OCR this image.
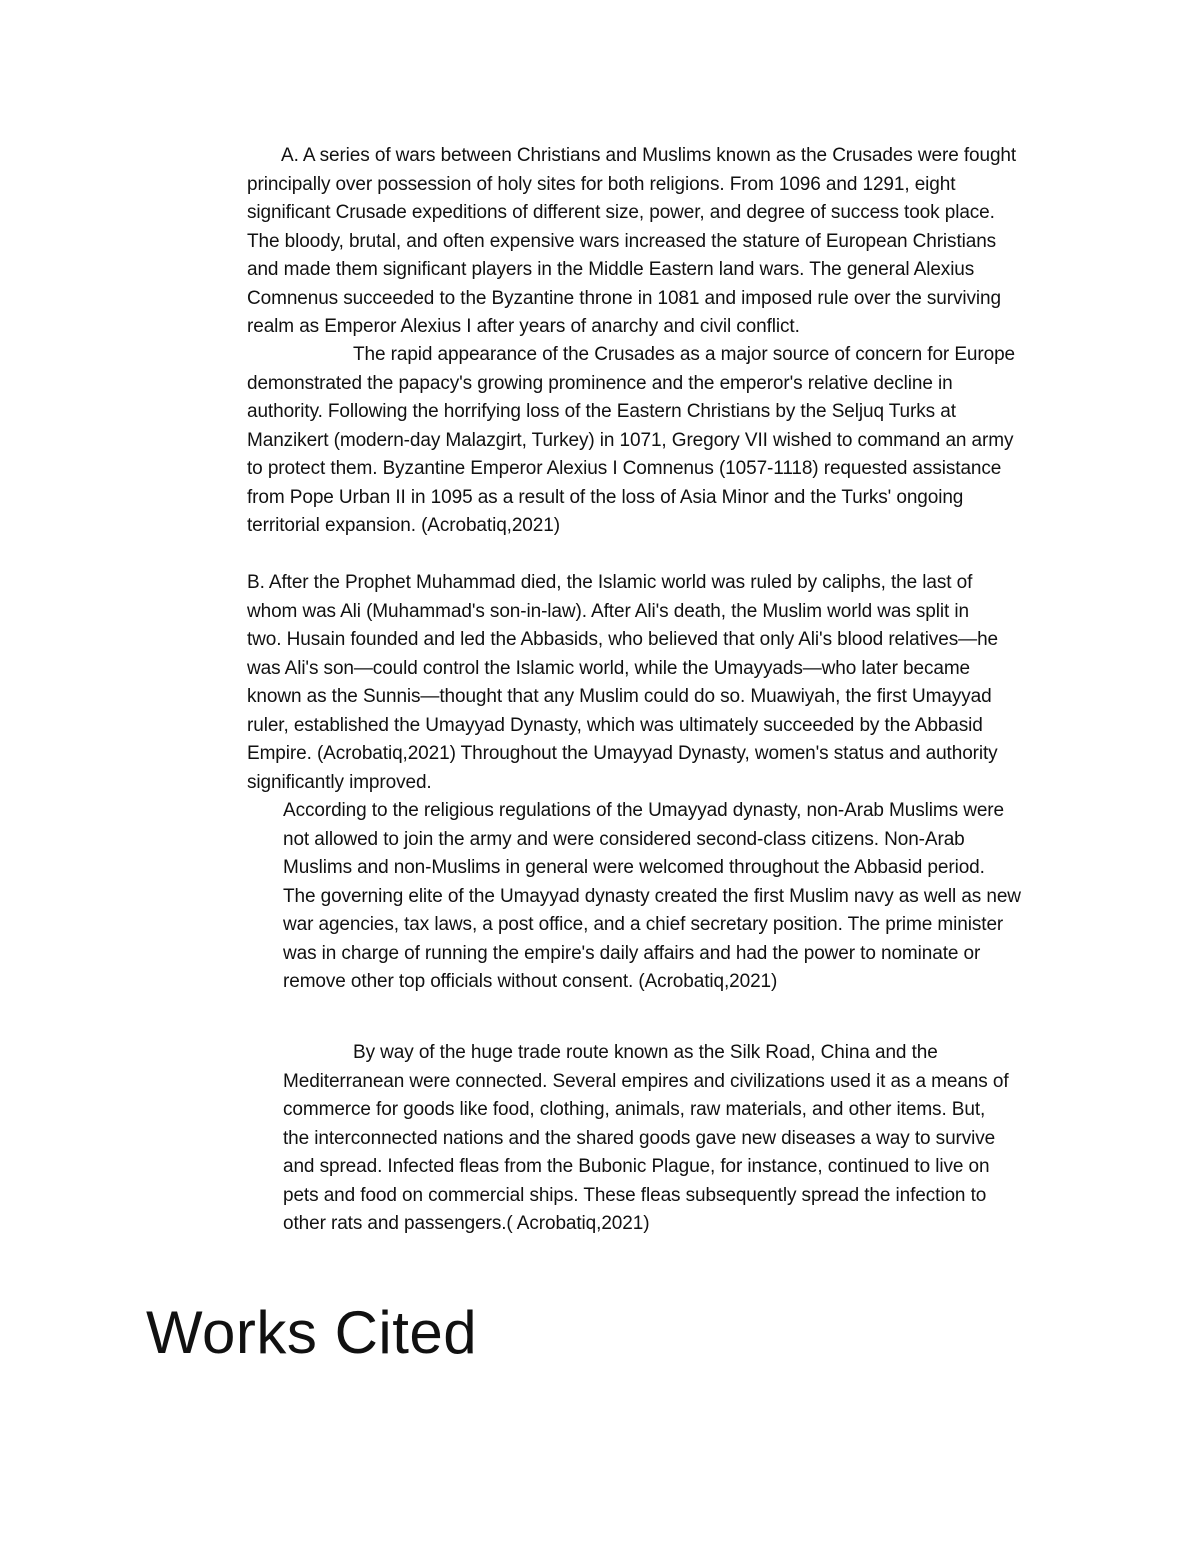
A. A series of wars between Christians and Muslims known as the Crusades were fought
principally over possession of holy sites for both religions. From 1096 and 1291, eight
significant Crusade expeditions of different size, power, and degree of success took place.
The bloody, brutal, and often expensive wars increased the stature of European Christians
and made them significant players in the Middle Eastern land wars. The general Alexius
Comnenus succeeded to the Byzantine throne in 1081 and imposed rule over the surviving
realm as Emperor Alexius I after years of anarchy and civil conflict.
The rapid appearance of the Crusades as a major source of concern for Europe
demonstrated the papacy's growing prominence and the emperor's relative decline in
authority. Following the horrifying loss of the Eastern Christians by the Seljuq Turks at
Manzikert (modern-day Malazgirt, Turkey) in 1071, Gregory VII wished to command an army
to protect them. Byzantine Emperor Alexius I Comnenus (1057-1118) requested assistance
from Pope Urban II in 1095 as a result of the loss of Asia Minor and the Turks' ongoing
territorial expansion. (Acrobatiq,2021)
B. After the Prophet Muhammad died, the Islamic world was ruled by caliphs, the last of
whom was Ali (Muhammad's son-in-law). After Ali's death, the Muslim world was split in
two. Husain founded and led the Abbasids, who believed that only Ali's blood relatives—he
was Ali's son—could control the Islamic world, while the Umayyads—who later became
known as the Sunnis—thought that any Muslim could do so. Muawiyah, the first Umayyad
ruler, established the Umayyad Dynasty, which was ultimately succeeded by the Abbasid
Empire. (Acrobatiq,2021) Throughout the Umayyad Dynasty, women's status and authority
significantly improved.
According to the religious regulations of the Umayyad dynasty, non-Arab Muslims were
not allowed to join the army and were considered second-class citizens. Non-Arab
Muslims and non-Muslims in general were welcomed throughout the Abbasid period.
The governing elite of the Umayyad dynasty created the first Muslim navy as well as new
war agencies, tax laws, a post office, and a chief secretary position. The prime minister
was in charge of running the empire's daily affairs and had the power to nominate or
remove other top officials without consent. (Acrobatiq,2021)
By way of the huge trade route known as the Silk Road, China and the
Mediterranean were connected. Several empires and civilizations used it as a means of
commerce for goods like food, clothing, animals, raw materials, and other items. But,
the interconnected nations and the shared goods gave new diseases a way to survive
and spread. Infected fleas from the Bubonic Plague, for instance, continued to live on
pets and food on commercial ships. These fleas subsequently spread the infection to
other rats and passengers.( Acrobatiq,2021)
Works Cited
